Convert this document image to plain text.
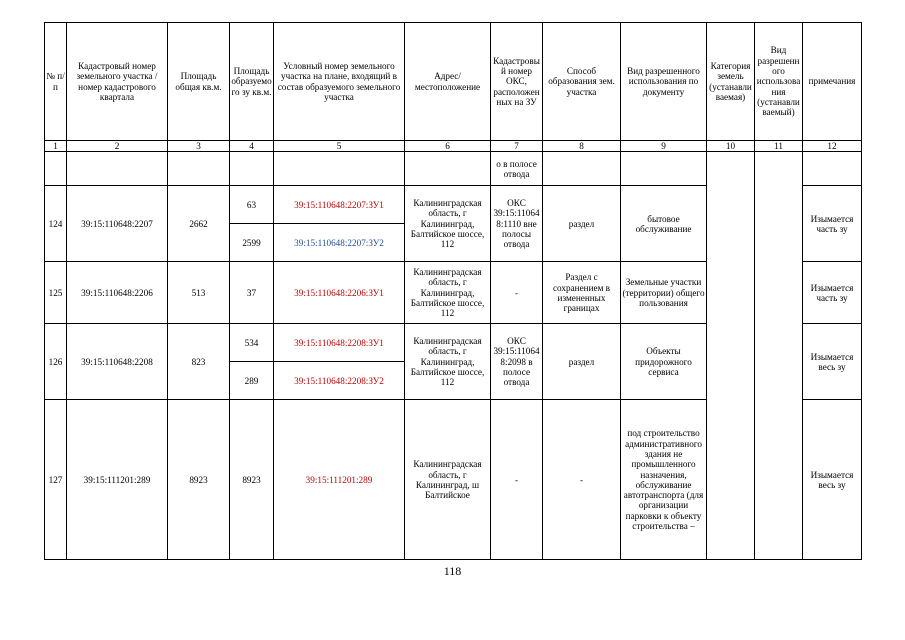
№ п/п	Кадастровый номер земельного участка /номер кадастрового квартала	Площадь общая кв.м.	Площадь образуемого зу кв.м.	Условный номер земельного участка на плане, входящий в состав образуемого земельного участка	Адрес/ местоположение	Кадастровый номер ОКС, расположенных на ЗУ	Способ образования зем. участка	Вид разрешенного использования по документу	Категория земель (устанавливаемая)	Вид разрешенного использования (устанавливаемый)	примечания
1	2	3	4	5	6	7	8	9	10	11	12
						о в полосе отвода					
124	39:15:110648:2207	2662	63	39:15:110648:2207:ЗУ1	Калининградская область, г Калининград, Балтийское шоссе, 112	ОКС 39:15:110648:1110 вне полосы отвода	раздел	бытовое обслуживание			Изымается часть зу
			2599	39:15:110648:2207:ЗУ2							
125	39:15:110648:2206	513	37	39:15:110648:2206:ЗУ1	Калининградская область, г Калининград, Балтийское шоссе, 112	-	Раздел с сохранением в измененных границах	Земельные участки (территории) общего пользования			Изымается часть зу
126	39:15:110648:2208	823	534	39:15:110648:2208:ЗУ1	Калининградская область, г Калининград, Балтийское шоссе, 112	ОКС 39:15:110648:2098 в полосе отвода	раздел	Объекты придорожного сервиса			Изымается весь зу
			289	39:15:110648:2208:ЗУ2							
127	39:15:111201:289	8923	8923	39:15:111201:289	Калининградская область, г Калининград, ш Балтийское	-	-	под строительство административного здания не промышленного назначения, обслуживание автотранспорта (для организации парковки к объекту строительства –			Изымается весь зу
118
